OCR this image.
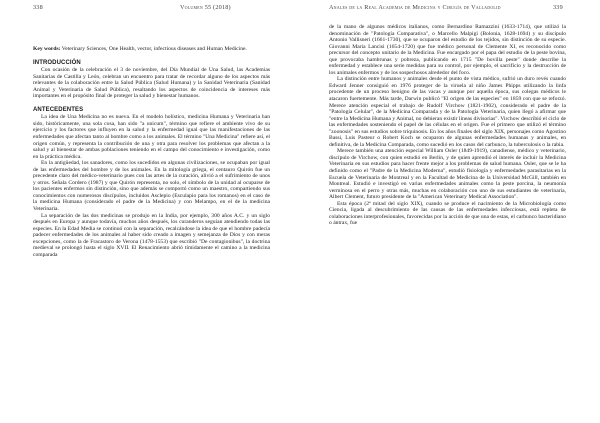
338	Volumen 55 (2018)

Key words: Veterinary Sciences, One Health, vector, infectious diseases and Human Medicine.

INTRODUCCIÓN

Con ocasión de la celebración el 3 de noviembre, del Día Mundial de Una Salud, las Academias Sanitarias de Castilla y León, celebran un encuentro para tratar de recordar alguno de los aspectos más relevantes de la colaboración entre la Salud Pública (Salud Humana) y la Sanidad Veterinaria (Sanidad Animal y Veterinaria de Salud Pública), resaltando los aspectos de coincidencia de intereses más importantes en el propósito final de proteger la salud y bienestar humanos.

ANTECEDENTES

La idea de Una Medicina no es nueva. En el modelo holístico, medicina Humana y Veterinaria han sido, históricamente, una sola cosa, han sido "a unicum", término que refiere el ambiente vivo de su ejercicio y los factores que influyen en la salud y la enfermedad igual que las manifestaciones de las enfermedades que afectan tanto al hombre como a los animales. El término "Una Medicina" refiere así, el origen común, y representa la contribución de una y otra para resolver los problemas que afectan a la salud y al bienestar de ambas poblaciones teniendo en el campo del conocimiento e investigación, como en la práctica médica.

En la antigüedad, los sanadores, como los sucedidos en algunas civilizaciones, se ocupaban por igual de las enfermedades del hombre y de los animales. En la mitología griega, el centauro Quirón fue un precedente claro del médico-veterinario pues con las artes de la curación, alivió a el sufrimiento de unos y otros. Señala Cordero (1987) y que Quirón representa, no solo, el símbolo de la unidad al ocuparse de los pacientes enfermos sin distinción, sino que además se comportó como un maestro, compartiendo sus conocimientos con numerosos discípulos, incluidos Asclepio (Esculapio para los romanos) en el caso de la medicina Humana (considerado el padre de la Medicina) y con Melampo, en el de la medicina Veterinaria.

La separación de las dos medicinas se produjo en la India, por ejemplo, 300 años A.C. y un siglo después en Europa y aunque todavía, muchos años después, los curanderos seguían atendiendo todas las especies. En la Edad Media se continuó con la separación, recalcándose la idea de que el hombre padecía padecer enfermedades de los animales al haber sido creado a imagen y semejanza de Dios y con meras excepciones, como la de Fracastoro de Verona (1478-1553) que escribió "De contagionibus", la doctrina medieval se prolongó hasta el siglo XVII. El Renacimiento abrió tímidamente el camino a la medicina comparada

Anales de la Real Academia de Medicina y Cirugía de Valladolid	339

de la mano de algunos médicos italianos, como Bernardino Ramazzini (1633-1714), que utilizó la denominación de "Patología Comparativa", o Marcello Malpigi (Bolonia, 1628-1694) y su discípulo Antonio Vallisneri (1661-1730), que se ocuparon del estudio de los tejidos, sin distinción de su especie. Giovanni Maria Lancisi (1654-1720) que fue médico personal de Clemente XI, es reconocido como precursor del concepto unitario de la Medicina. Fue encargado por el papa del estudio de la peste bovina, que provocaba hambrunas y pobreza, publicando en 1715 "De bovilla peste" donde describe la enfermedad y establece una serie medidas para su control, por ejemplo, el sacrificio y la destrucción de los animales enfermos y de los sospechosos alrededor del foco.

La distinción entre humanos y animales desde el punto de vista médico, sufrió un duro revés cuando Edward Jenner consiguió en 1976 proteger de la viruela al niño James Phipps utilizando la linfa procedente de un proceso benigno de las vacas y aunque por aquella época, sus colegas médicos le atacaron fuertemente. Más tarde, Darwin publicó "El origen de las especies" en 1859 con que se reforzó. Merece atención especial el trabajo de Rudolf Virchow (1821-1902), considerado el padre de la "Patología Celular", de la Medicina Comparada y de la Patología Veterinaria, quien llegó a afirmar que "entre la Medicina Humana y Animal, no debieran existir líneas divisorias". Virchow describió el ciclo de las enfermedades sosteniendo el papel de las células en el origen. Fue el primero que utilizó el término "zoonosis" en sus estudios sobre triquinosis. En los años finales del siglo XIX, personajes como Agostino Bassi, Luis Pasteur o Robert Koch se ocuparon de algunas enfermedades humanas y animales, en definitiva, de la Medicina Comparada, como sucedió en los casos del carbunco, la tuberculosis o la rabia.

Merece también una atención especial William Osler (1849-1919), canadiense, médico y veterinario, discípulo de Virchow, con quien estudió en Berlín, y de quien aprendió el interés de incluir la Medicina Veterinaria en sus estudios para hacer frente mejor a los problemas de salud humana. Osler, que se le ha definido como el "Padre de la Medicina Moderna", estudió fisiología y enfermedades parasitarias en la Escuela de Veterinaria de Montreal y en la Facultad de Medicina de la Universidad McGill, también en Montreal. Estudió e investigó en varias enfermedades animales como la peste porcina, la neumonía verminosa en el perro y otras más, muchas en colaboración con uno de sus estudiantes de veterinaria, Albert Clement, futuro presidente de la "American Veterinary Medical Association".

Esta época (2ª mitad del siglo XIX), cuando se produce el nacimiento de la Microbiología como Ciencia, ligada al descubrimiento de las causas de las enfermedades infecciosas, está repleta de colaboraciones interprofesionales, favorecidas por la acción de que una de estas, el carbunco bacteridiano o ántrax, fue
